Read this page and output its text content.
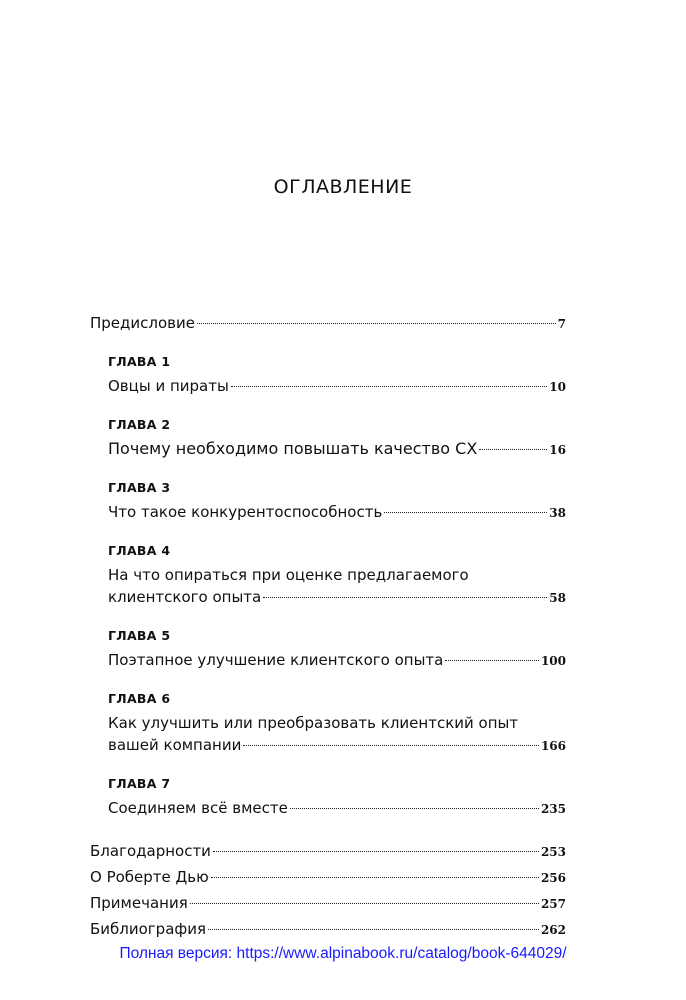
ОГЛАВЛЕНИЕ
Предисловие	7
ГЛАВА 1
Овцы и пираты	10
ГЛАВА 2
Почему необходимо повышать качество CX	16
ГЛАВА 3
Что такое конкурентоспособность	38
ГЛАВА 4
На что опираться при оценке предлагаемого
клиентского опыта	58
ГЛАВА 5
Поэтапное улучшение клиентского опыта	100
ГЛАВА 6
Как улучшить или преобразовать клиентский опыт
вашей компании	166
ГЛАВА 7
Соединяем всё вместе	235
Благодарности	253
О Роберте Дью	256
Примечания	257
Библиография	262
Полная версия: https://www.alpinabook.ru/catalog/book-644029/
